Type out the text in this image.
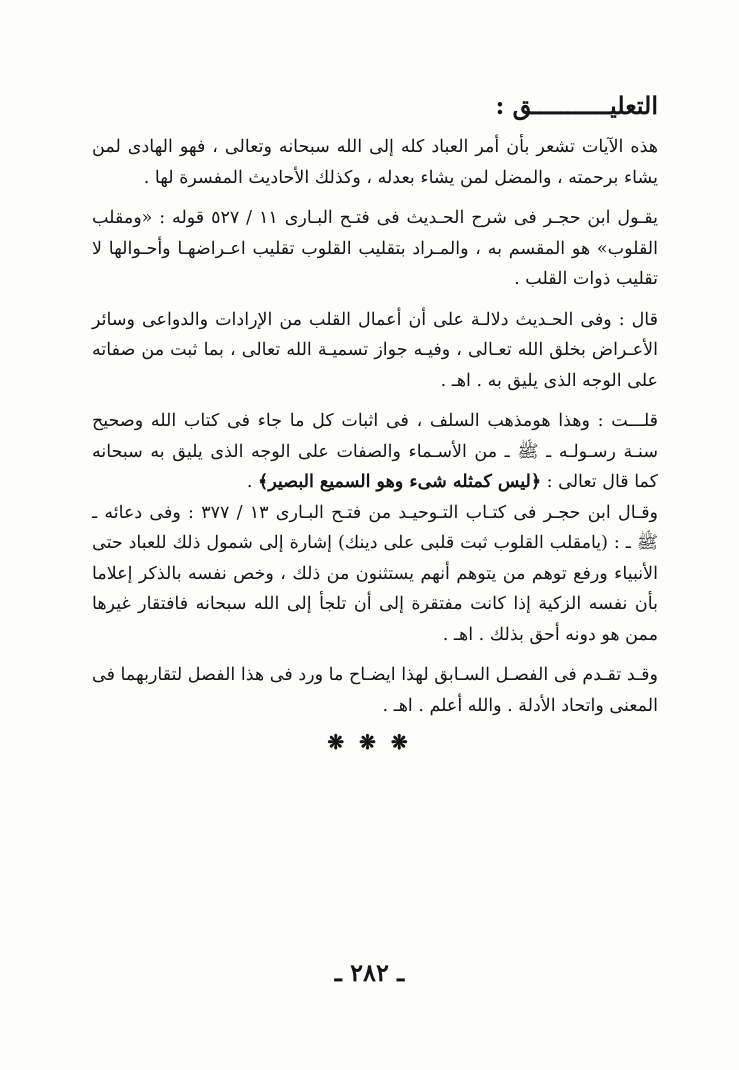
التعليـــــــــــق :

هذه الآيات تشعر بأن أمر العباد كله إلى الله سبحانه وتعالى ، فهو الهادى لمن يشاء برحمته ، والمضل لمن يشاء بعدله ، وكذلك الأحاديث المفسرة لها .

يقـول ابن حجـر فى شرح الحـديث فى فتـح البـارى ١١ / ٥٢٧ قوله : «ومقلب القلوب» هو المقسم به ، والمـراد بتقليب القلوب تقليب اعـراضهـا وأحـوالها لا تقليب ذوات القلب .

قال : وفى الحـديث دلالـة على أن أعمال القلب من الإرادات والدواعى وسائر الأعـراض بخلق الله تعـالى ، وفيـه جواز تسميـة الله تعالى ، بما ثبت من صفاته على الوجه الذى يليق به . اهـ .

قلـــت : وهذا هومذهب السلف ، فى اثبات كل ما جاء فى كتاب الله وصحيح سنـة رسـولـه ـ ﷺ ـ من الأسـماء والصفات على الوجه الذى يليق به سبحانه كما قال تعالى : ﴿ليس كمثله شىء وهو السميع البصير﴾ .

وقـال ابن حجـر فى كتـاب التـوحيـد من فتـح البـارى ١٣ / ٣٧٧ : وفى دعائه ـ ﷺ ـ : (يامقلب القلوب ثبت قلبى على دينك) إشارة إلى شمول ذلك للعباد حتى الأنبياء ورفع توهم من يتوهم أنهم يستثنون من ذلك ، وخص نفسه بالذكر إعلاما بأن نفسه الزكية إذا كانت مفتقرة إلى أن تلجأ إلى الله سبحانه فافتقار غيرها ممن هو دونه أحق بذلك . اهـ .

وقـد تقـدم فى الفصـل السـابق لهذا ايضـاح ما ورد فى هذا الفصل لتقاربهما فى المعنى واتحاد الأدلة . والله أعلم . اهـ .

❋ ❋ ❋
ـ ٢٨٢ ـ
